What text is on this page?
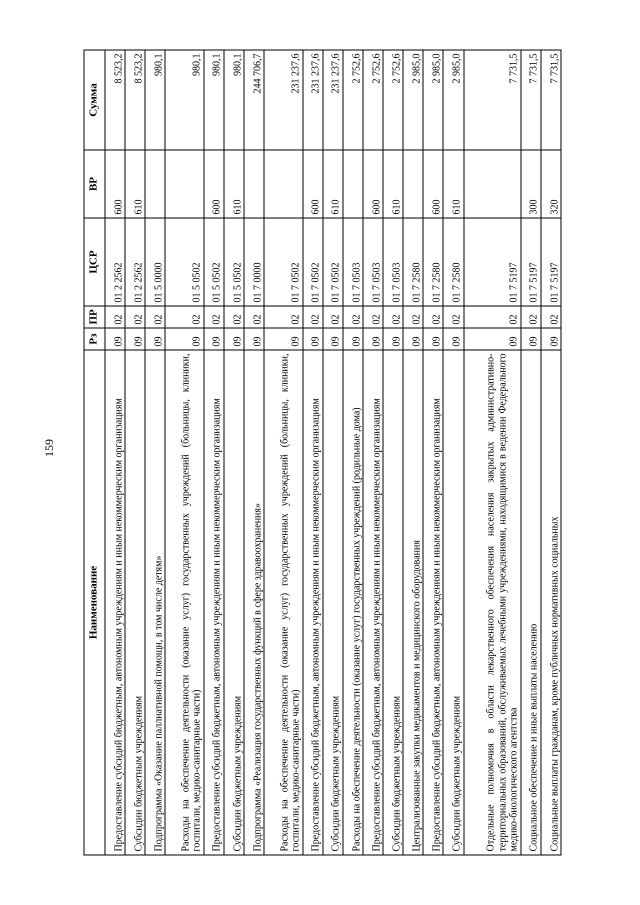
159
Наименование	Рз	ПР	ЦСР	ВР	Сумма
Предоставление субсидий бюджетным, автономным учреждениям и иным некоммерческим организациям	09	02	01 2 2562	600	8 523,2
Субсидии бюджетным учреждениям	09	02	01 2 2562	610	8 523,2
Подпрограмма «Оказание паллиативной помощи, в том числе детям»	09	02	01 5 0000		980,1
Расходы на обеспечение деятельности (оказание услуг) государственных учреждений (больницы, клиники, госпитали, медико-санитарные части)	09	02	01 5 0502		980,1
Предоставление субсидий бюджетным, автономным учреждениям и иным некоммерческим организациям	09	02	01 5 0502	600	980,1
Субсидии бюджетным учреждениям	09	02	01 5 0502	610	980,1
Подпрограмма «Реализация государственных функций в сфере здравоохранения»	09	02	01 7 0000		244 706,7
Расходы на обеспечение деятельности (оказание услуг) государственных учреждений (больницы, клиники, госпитали, медико-санитарные части)	09	02	01 7 0502		231 237,6
Предоставление субсидий бюджетным, автономным учреждениям и иным некоммерческим организациям	09	02	01 7 0502	600	231 237,6
Субсидии бюджетным учреждениям	09	02	01 7 0502	610	231 237,6
Расходы на обеспечение деятельности (оказание услуг) государственных учреждений (родильные дома)	09	02	01 7 0503		2 752,6
Предоставление субсидий бюджетным, автономным учреждениям и иным некоммерческим организациям	09	02	01 7 0503	600	2 752,6
Субсидии бюджетным учреждениям	09	02	01 7 0503	610	2 752,6
Централизованные закупки медикаментов и медицинского оборудования	09	02	01 7 2580		2 985,0
Предоставление субсидий бюджетным, автономным учреждениям и иным некоммерческим организациям	09	02	01 7 2580	600	2 985,0
Субсидии бюджетным учреждениям	09	02	01 7 2580	610	2 985,0
Отдельные полномочия в области лекарственного обеспечения населения закрытых административно-территориальных образований, обслуживаемых лечебными учреждениями, находящимися в ведении Федерального медико-биологического агентства	09	02	01 7 5197		7 731,5
Социальное обеспечение и иные выплаты населению	09	02	01 7 5197	300	7 731,5
Социальные выплаты гражданам, кроме публичных нормативных социальных	09	02	01 7 5197	320	7 731,5
